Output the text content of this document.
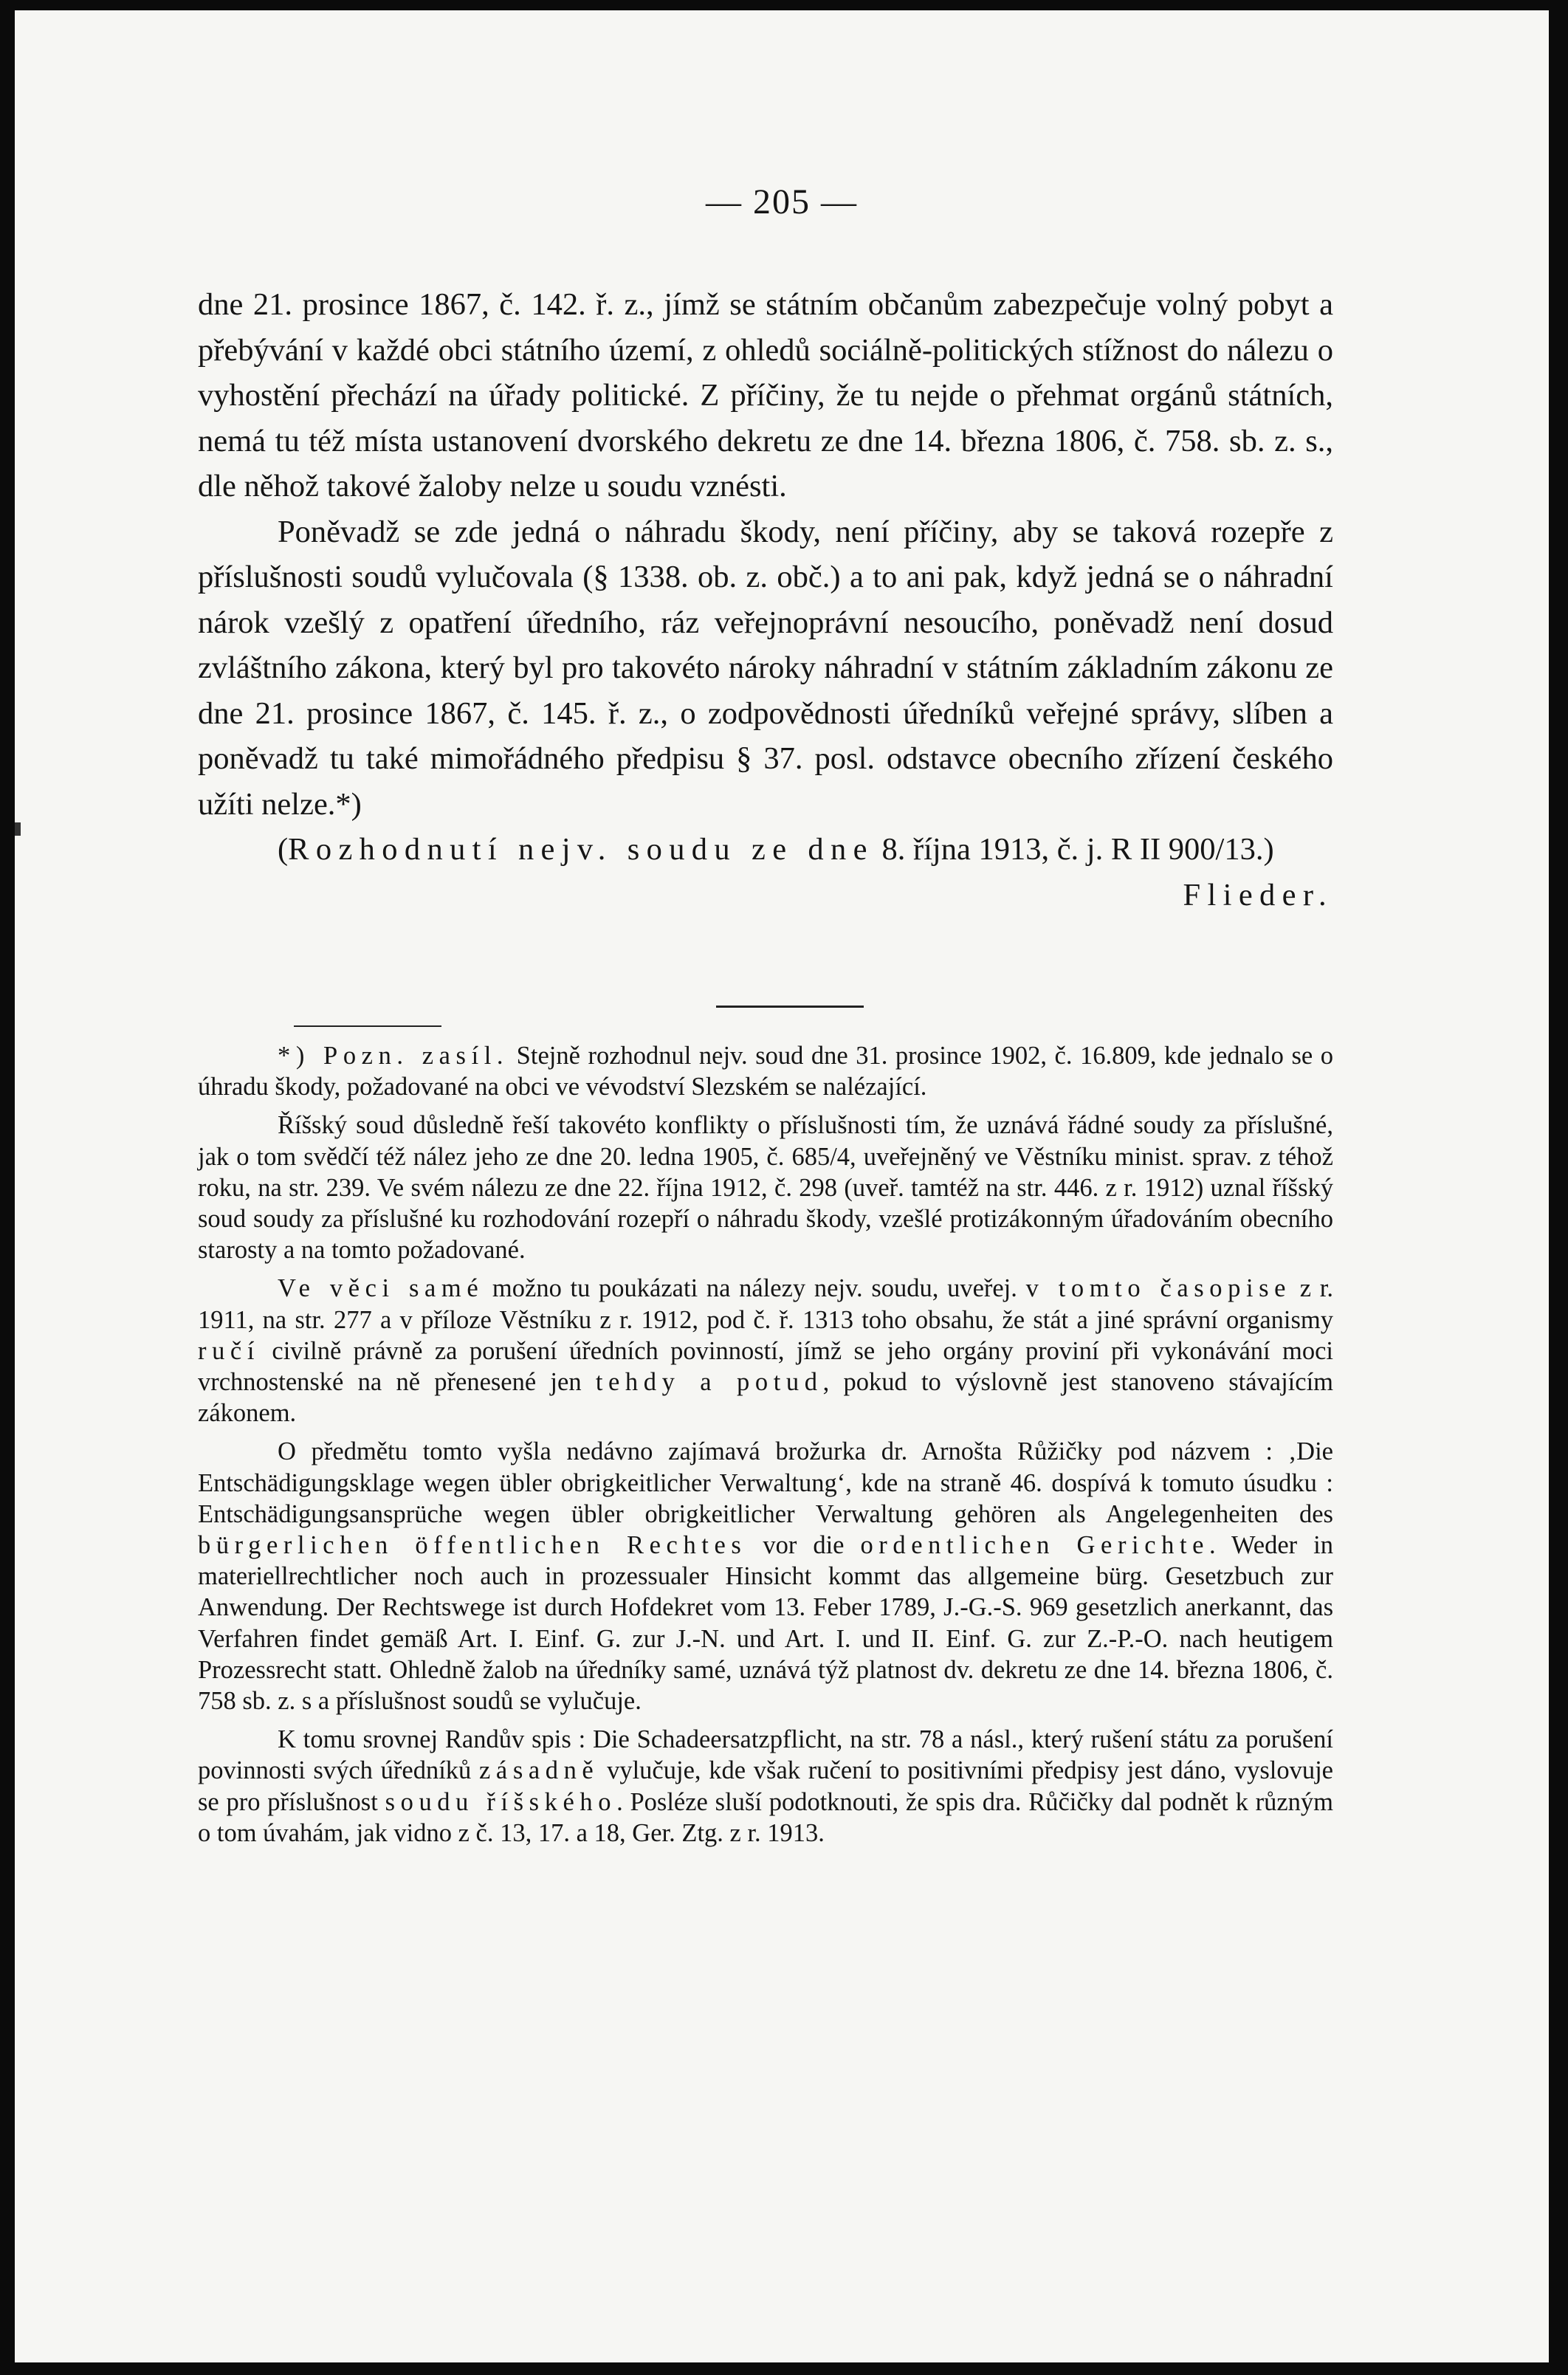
— 205 —

dne 21. prosince 1867, č. 142. ř. z., jímž se státním občanům zabezpečuje volný pobyt a přebývání v každé obci státního území, z ohledů sociálně-politických stížnost do nálezu o vyhostění přechází na úřady politické. Z příčiny, že tu nejde o přehmat orgánů státních, nemá tu též místa ustanovení dvorského dekretu ze dne 14. března 1806, č. 758. sb. z. s., dle něhož takové žaloby nelze u soudu vznésti.

Poněvadž se zde jedná o náhradu škody, není příčiny, aby se taková rozepře z příslušnosti soudů vylučovala (§ 1338. ob. z. obč.) a to ani pak, když jedná se o náhradní nárok vzešlý z opatření úředního, ráz veřejnoprávní nesoucího, poněvadž není dosud zvláštního zákona, který byl pro takovéto nároky náhradní v státním základním zákonu ze dne 21. prosince 1867, č. 145. ř. z., o zodpovědnosti úředníků veřejné správy, slíben a poněvadž tu také mimořádného předpisu § 37. posl. odstavce obecního zřízení českého užíti nelze.*)

(Rozhodnutí nejv. soudu ze dne 8. října 1913, č. j. R II 900/13.)
Flieder.

*) Pozn. zasíl. Stejně rozhodnul nejv. soud dne 31. prosince 1902, č. 16.809, kde jednalo se o úhradu škody, požadované na obci ve vévodství Slezském se nalézající.

Říšský soud důsledně řeší takovéto konflikty o příslušnosti tím, že uznává řádné soudy za příslušné, jak o tom svědčí též nález jeho ze dne 20. ledna 1905, č. 685/4, uveřejněný ve Věstníku minist. sprav. z téhož roku, na str. 239. Ve svém nálezu ze dne 22. října 1912, č. 298 (uveř. tamtéž na str. 446. z r. 1912) uznal říšský soud soudy za příslušné ku rozhodování rozepří o náhradu škody, vzešlé protizákonným úřadováním obecního starosty a na tomto požadované.

Ve věci samé možno tu poukázati na nálezy nejv. soudu, uveřej. v tomto časopise z r. 1911, na str. 277 a v příloze Věstníku z r. 1912, pod č. ř. 1313 toho obsahu, že stát a jiné správní organismy ručí civilně právně za porušení úředních povinností, jímž se jeho orgány proviní při vykonávání moci vrchnostenské na ně přenesené jen tehdy a potud, pokud to výslovně jest stanoveno stávajícím zákonem.

O předmětu tomto vyšla nedávno zajímavá brožurka dr. Arnošta Růžičky pod názvem : ‚Die Entschädigungsklage wegen übler obrigkeitlicher Verwaltung‘, kde na straně 46. dospívá k tomuto úsudku : Entschädigungsansprüche wegen übler obrigkeitlicher Verwaltung gehören als Angelegenheiten des bürgerlichen öffentlichen Rechtes vor die ordentlichen Gerichte. Weder in materiellrechtlicher noch auch in prozessualer Hinsicht kommt das allgemeine bürg. Gesetzbuch zur Anwendung. Der Rechtswege ist durch Hofdekret vom 13. Feber 1789, J.-G.-S. 969 gesetzlich anerkannt, das Verfahren findet gemäß Art. I. Einf. G. zur J.-N. und Art. I. und II. Einf. G. zur Z.-P.-O. nach heutigem Prozessrecht statt. Ohledně žalob na úředníky samé, uznává týž platnost dv. dekretu ze dne 14. března 1806, č. 758 sb. z. s a příslušnost soudů se vylučuje.

K tomu srovnej Randův spis : Die Schadeersatzpflicht, na str. 78 a násl., který rušení státu za porušení povinnosti svých úředníků zásadně vylučuje, kde však ručení to positivními předpisy jest dáno, vyslovuje se pro příslušnost soudu říšského. Posléze sluší podotknouti, že spis dra. Růčičky dal podnět k různým o tom úvahám, jak vidno z č. 13, 17. a 18, Ger. Ztg. z r. 1913.
